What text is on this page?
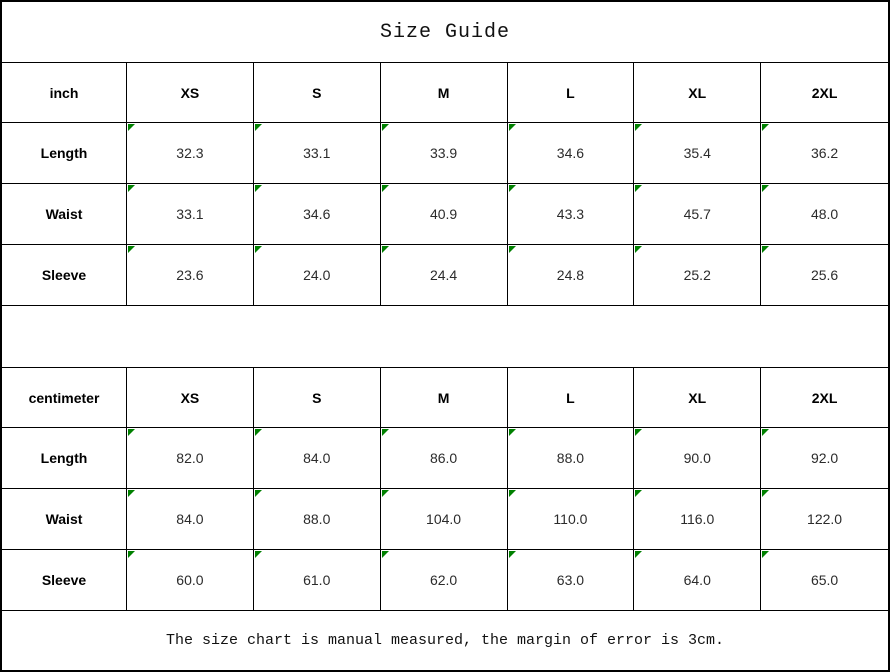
Size Guide
inch	XS	S	M	L	XL	2XL
Length	32.3	33.1	33.9	34.6	35.4	36.2
Waist	33.1	34.6	40.9	43.3	45.7	48.0
Sleeve	23.6	24.0	24.4	24.8	25.2	25.6
centimeter	XS	S	M	L	XL	2XL
Length	82.0	84.0	86.0	88.0	90.0	92.0
Waist	84.0	88.0	104.0	110.0	116.0	122.0
Sleeve	60.0	61.0	62.0	63.0	64.0	65.0
The size chart is manual measured, the margin of error is 3cm.
